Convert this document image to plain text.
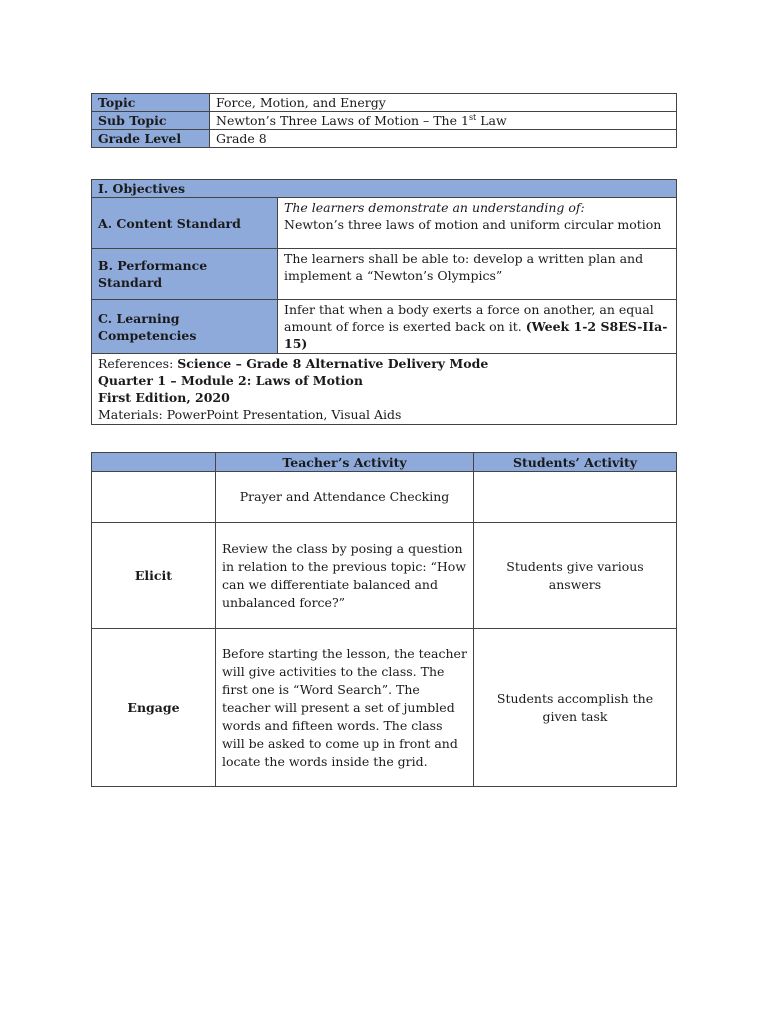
Topic	Force, Motion, and Energy
Sub Topic	Newton’s Three Laws of Motion – The 1st Law
Grade Level	Grade 8
I. Objectives	
A. Content Standard	The learners demonstrate an understanding of:
Newton’s three laws of motion and uniform circular motion

B. Performance Standard	The learners shall be able to: develop a written plan and implement a “Newton’s Olympics”
C. Learning Competencies	Infer that when a body exerts a force on another, an equal amount of force is exerted back on it. (Week 1-2 S8ES-IIa-15)

References: Science – Grade 8 Alternative Delivery Mode
Quarter 1 – Module 2: Laws of Motion
First Edition, 2020
Materials: PowerPoint Presentation, Visual Aids	
	Teacher’s Activity	Students’ Activity
	Prayer and Attendance Checking	
Elicit	Review the class by posing a question in relation to the previous topic: “How can we differentiate balanced and unbalanced force?”	Students give various answers
Engage	Before starting the lesson, the teacher will give activities to the class. The first one is “Word Search”. The teacher will present a set of jumbled words and fifteen words. The class will be asked to come up in front and locate the words inside the grid.	Students accomplish the given task
